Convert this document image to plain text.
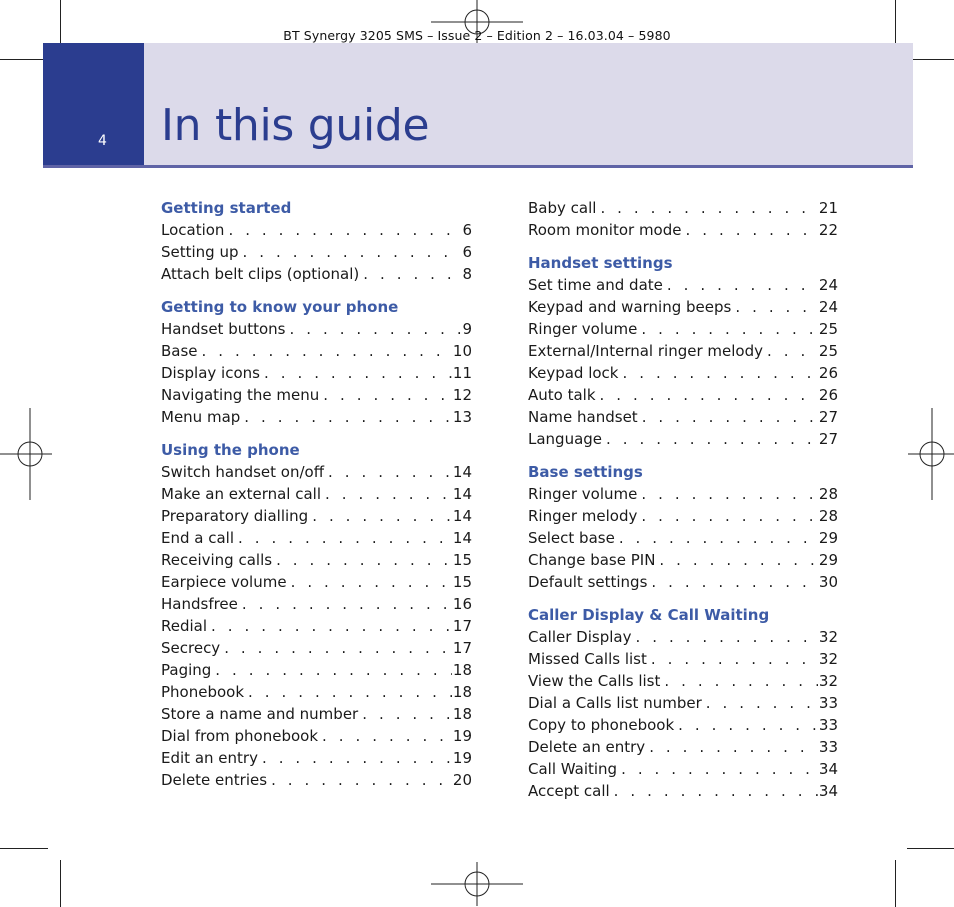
BT Synergy 3205 SMS – Issue 2 – Edition 2 – 16.03.04 – 5980
4 In this guide
Getting started
Location . . .	6
Setting up . . .	6
Attach belt clips (optional) . . .	8
Getting to know your phone
Handset buttons . . .	9
Base . . .	10
Display icons . . .	11
Navigating the menu . . .	12
Menu map . . .	13
Using the phone
Switch handset on/off . . .	14
Make an external call . . .	14
Preparatory dialling . . .	14
End a call . . .	14
Receiving calls . . .	15
Earpiece volume . . .	15
Handsfree . . .	16
Redial . . .	17
Secrecy . . .	17
Paging . . .	18
Phonebook . . .	18
Store a name and number . . .	18
Dial from phonebook . . .	19
Edit an entry . . .	19
Delete entries . . .	20
Baby call . . .	21
Room monitor mode . . .	22
Handset settings
Set time and date . . .	24
Keypad and warning beeps . . .	24
Ringer volume . . .	25
External/Internal ringer melody . . .	25
Keypad lock . . .	26
Auto talk . . .	26
Name handset . . .	27
Language . . .	27
Base settings
Ringer volume . . .	28
Ringer melody . . .	28
Select base . . .	29
Change base PIN . . .	29
Default settings . . .	30
Caller Display & Call Waiting
Caller Display . . .	32
Missed Calls list . . .	32
View the Calls list . . .	32
Dial a Calls list number . . .	33
Copy to phonebook . . .	33
Delete an entry . . .	33
Call Waiting . . .	34
Accept call . . .	34
